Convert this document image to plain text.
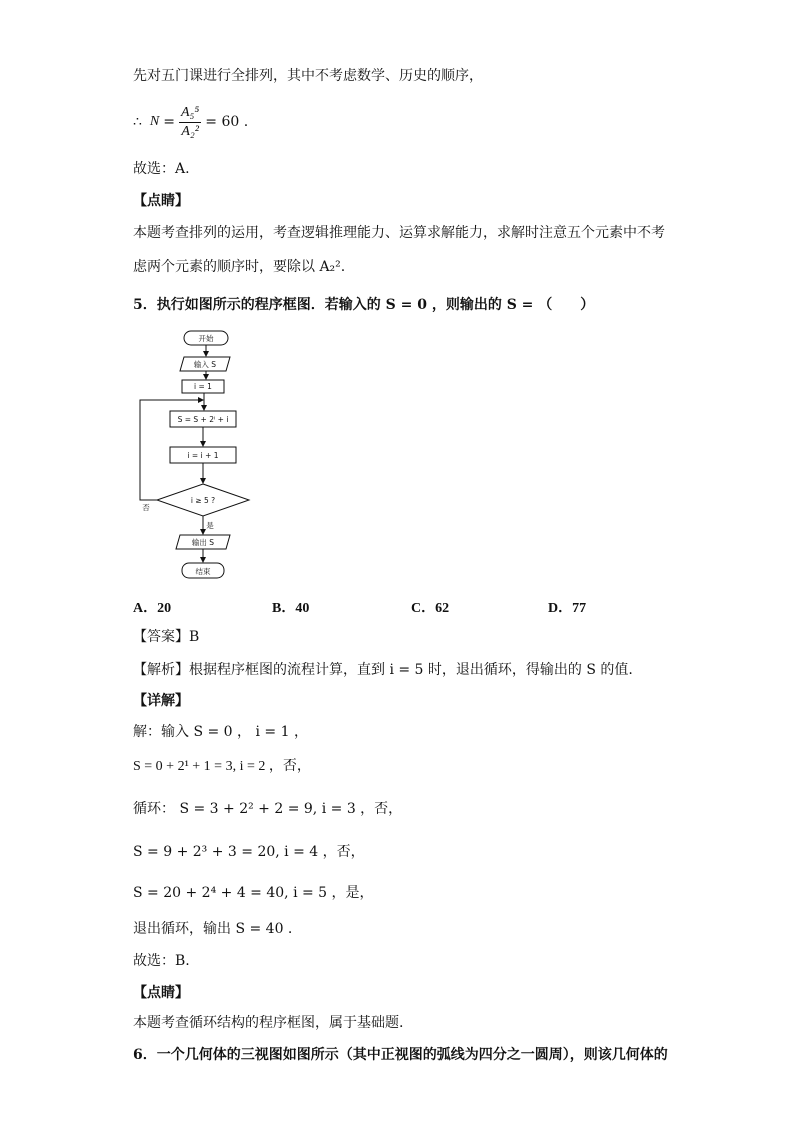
先对五门课进行全排列，其中不考虑数学、历史的顺序，
∴ $N = \frac{\text{A₅⁵}}{\text{A₂²}} = 60$ .
故选：A.
【点睛】
本题考查排列的运用，考查逻辑推理能力、运算求解能力，求解时注意五个元素中不考
虑两个元素的顺序时，要除以 A₂².
5．执行如图所示的程序框图．若输入的 S = 0 ，则输出的 S = （　　）
开始
输入 S
i = 1
S = S + 2ⁱ + i
i = i + 1
i ≥ 5 ?
否
是
输出 S
结束
A．20	B．40	C．62	D．77
【答案】B
【解析】根据程序框图的流程计算，直到 i = 5 时，退出循环，得输出的 S 的值.
【详解】
解：输入 S = 0 ， i = 1 ，
S = 0 + 2¹ + 1 = 3, i = 2 ，否，
循环： S = 3 + 2² + 2 = 9, i = 3 ，否，
S = 9 + 2³ + 3 = 20, i = 4 ，否，
S = 20 + 2⁴ + 4 = 40, i = 5 ，是，
退出循环，输出 S = 40 .
故选：B.
【点睛】
本题考查循环结构的程序框图，属于基础题.
6．一个几何体的三视图如图所示（其中正视图的弧线为四分之一圆周），则该几何体的
